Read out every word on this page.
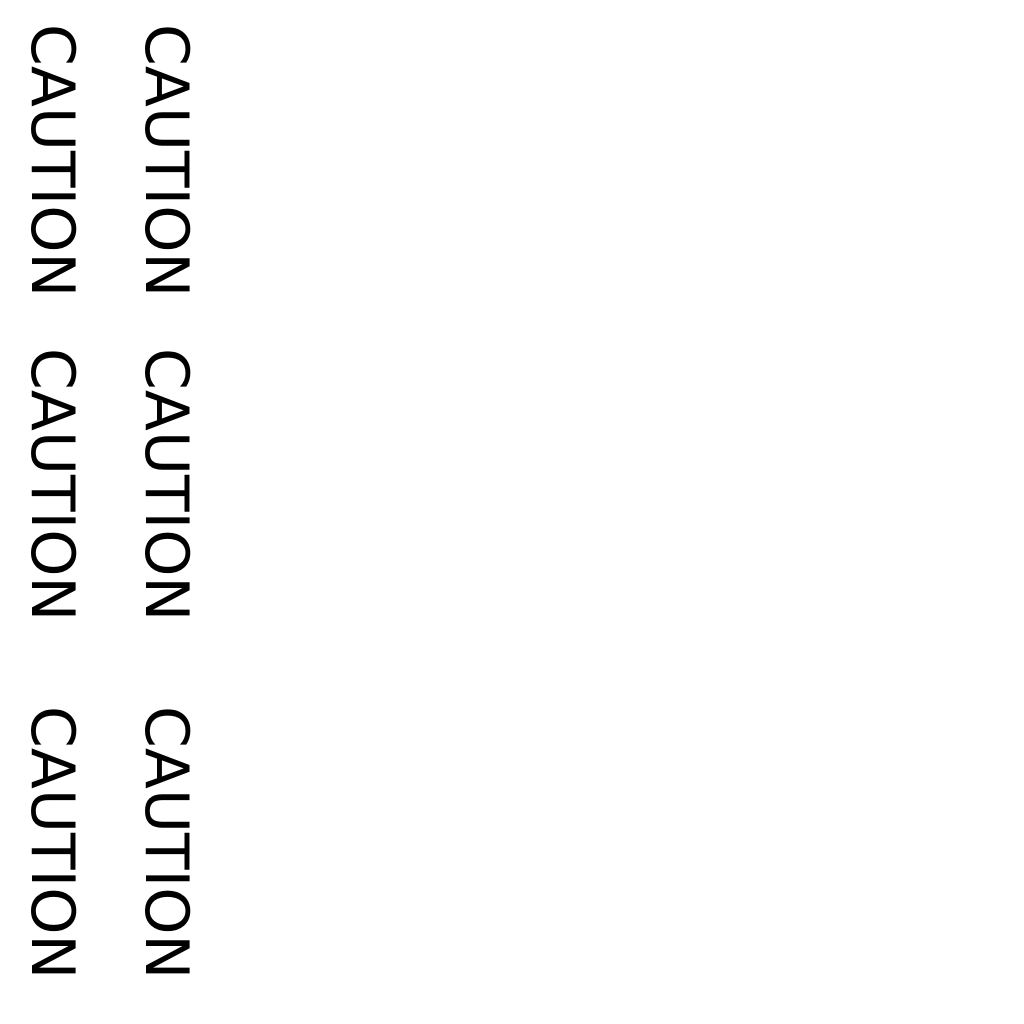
CAUTION CAUTION
CAUTION CAUTION
CAUTION CAUTION
